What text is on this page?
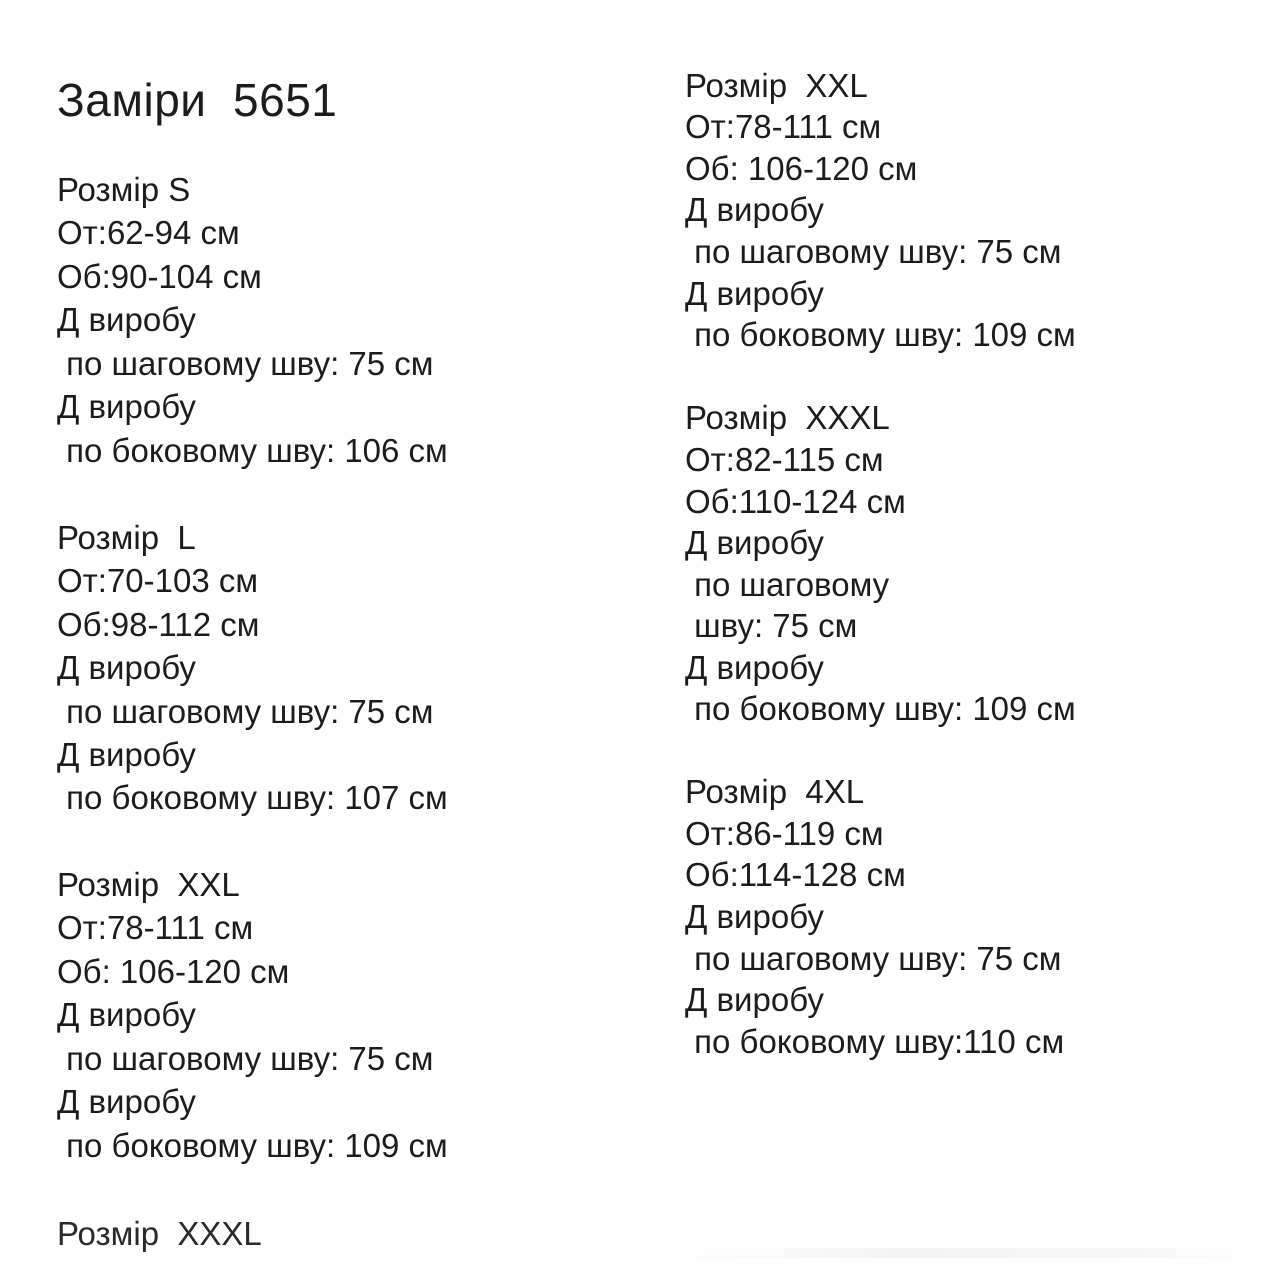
Заміри  5651
Розмір S
От:62-94 см
Об:90-104 см
Д виробу
по шаговому шву: 75 см
Д виробу
по боковому шву: 106 см
Розмір  L
От:70-103 см
Об:98-112 см
Д виробу
по шаговому шву: 75 см
Д виробу
по боковому шву: 107 см
Розмір  XXL
От:78-111 см
Об: 106-120 см
Д виробу
по шаговому шву: 75 см
Д виробу
по боковому шву: 109 см
Розмір  XXXL
Розмір  XXL
От:78-111 см
Об: 106-120 см
Д виробу
по шаговому шву: 75 см
Д виробу
по боковому шву: 109 см
Розмір  XXXL
От:82-115 см
Об:110-124 см
Д виробу
по шаговому
шву: 75 см
Д виробу
по боковому шву: 109 см
Розмір  4XL
От:86-119 см
Об:114-128 см
Д виробу
по шаговому шву: 75 см
Д виробу
по боковому шву:110 см
